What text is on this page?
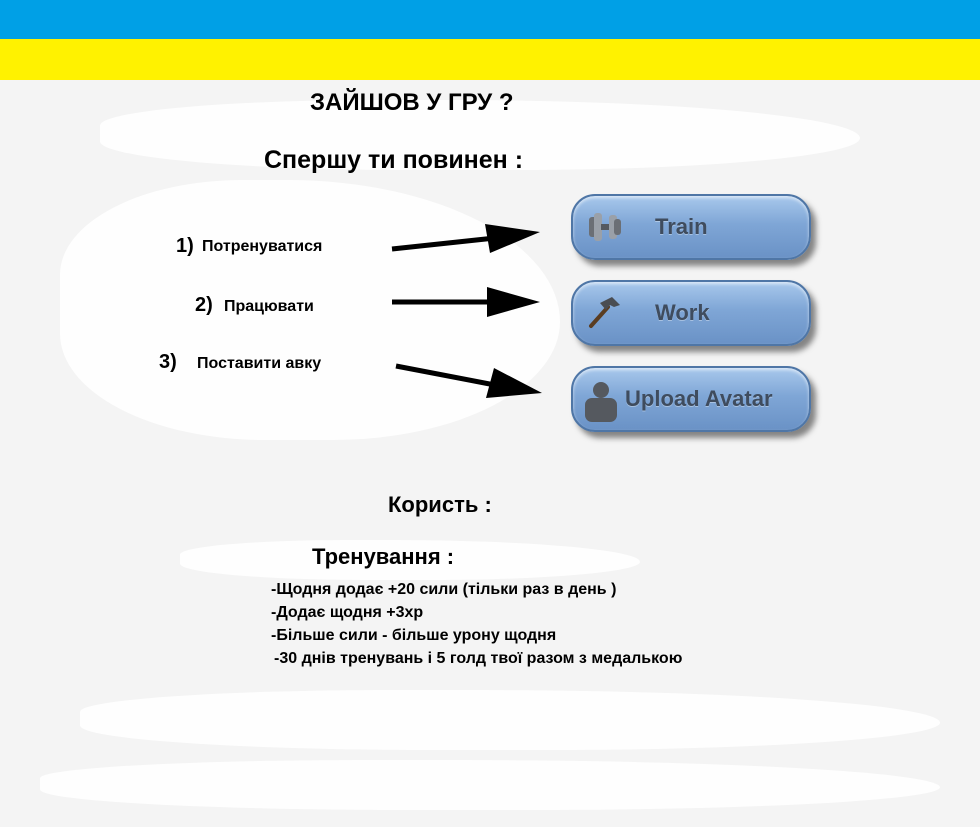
ЗАЙШОВ У ГРУ ?
Спершу ти повинен :
1) Потренуватися
2) Працювати
3) Поставити авку
Train
Work
Upload Avatar
Користь :
Тренування :
-Щодня додає +20 сили (тільки раз в день )
-Додає щодня +3хр
-Більше сили - більше урону щодня
-30 днів тренувань і 5 голд твої разом з медалькою
